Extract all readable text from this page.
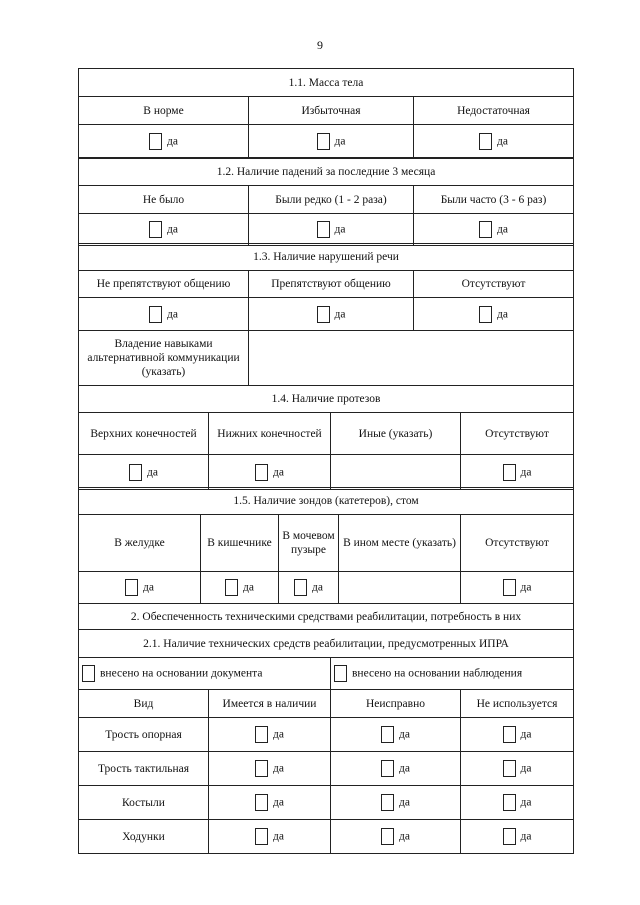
9
1.1. Масса тела		
В норме	Избыточная	Недостаточная
да	да	да
1.2. Наличие падений за последние 3 месяца		
Не было	Были редко (1 - 2 раза)	Были часто (3 - 6 раз)
да	да	да
1.3. Наличие нарушений речи		
Не препятствуют общению	Препятствуют общению	Отсутствуют
да	да	да
Владение навыками альтернативной коммуникации (указать)		
1.4. Наличие протезов			
Верхних конечностей	Нижних конечностей	Иные (указать)	Отсутствуют
да	да		да
1.5. Наличие зондов (катетеров), стом				
В желудке	В кишечнике	В мочевом пузыре	В ином месте (указать)	Отсутствуют
да	да	да		да
2. Обеспеченность техническими средствами реабилитации, потребность в них			
2.1. Наличие технических средств реабилитации, предусмотренных ИПРА			
внесено на основании документа		внесено на основании наблюдения	
Вид	Имеется в наличии	Неисправно	Не используется
Трость опорная	да	да	да
Трость тактильная	да	да	да
Костыли	да	да	да
Ходунки	да	да	да
